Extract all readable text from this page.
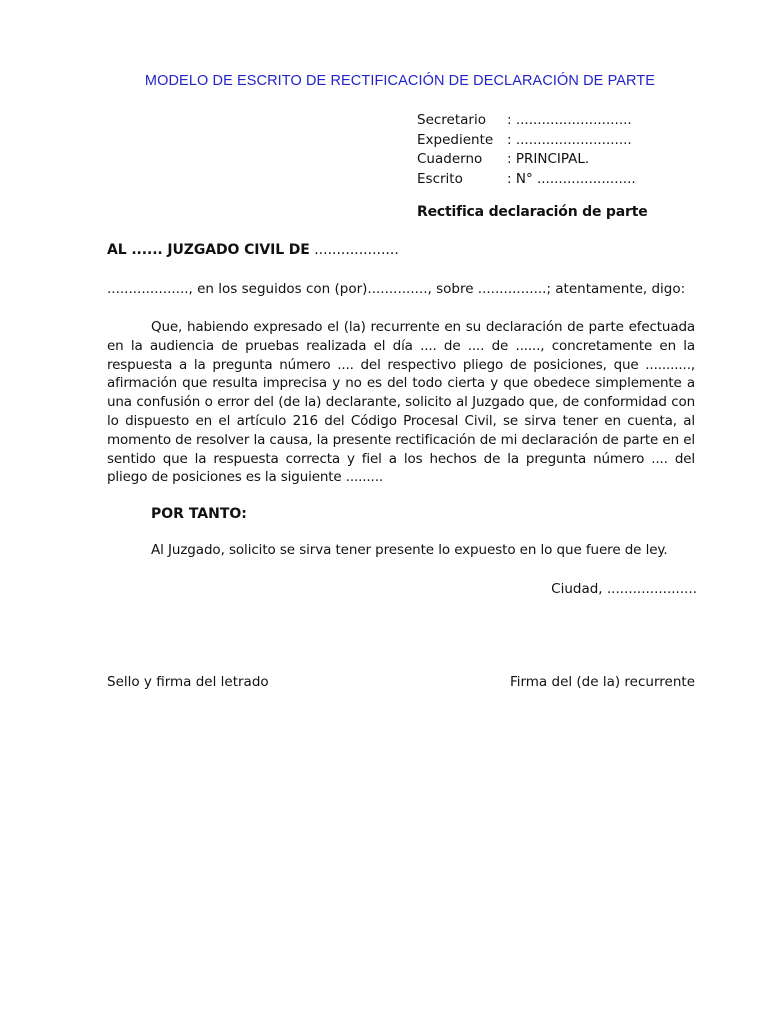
MODELO DE ESCRITO DE RECTIFICACIÓN DE DECLARACIÓN DE PARTE
Secretario	: ...........................
Expediente	: ...........................
Cuaderno	: PRINCIPAL.
Escrito	: N° .......................
Rectifica declaración de parte
AL ...... JUZGADO CIVIL DE ...................
..................., en los seguidos con (por).............., sobre ................; atentamente, digo:
Que, habiendo expresado el (la) recurrente en su declaración de parte efectuada en la audiencia de pruebas realizada el día .... de .... de ......, concretamente en la respuesta a la pregunta número .... del respectivo pliego de posiciones, que ..........., afirmación que resulta imprecisa y no es del todo cierta y que obedece simplemente a una confusión o error del (de la) declarante, solicito al Juzgado que, de conformidad con lo dispuesto en el artículo 216 del Código Procesal Civil, se sirva tener en cuenta, al momento de resolver la causa, la presente rectificación de mi declaración de parte en el sentido que la respuesta correcta y fiel a los hechos de la pregunta número .... del pliego de posiciones es la siguiente .........
POR TANTO:
Al Juzgado, solicito se sirva tener presente lo expuesto en lo que fuere de ley.
Ciudad, .....................
Sello y firma del letrado	Firma del (de la) recurrente
